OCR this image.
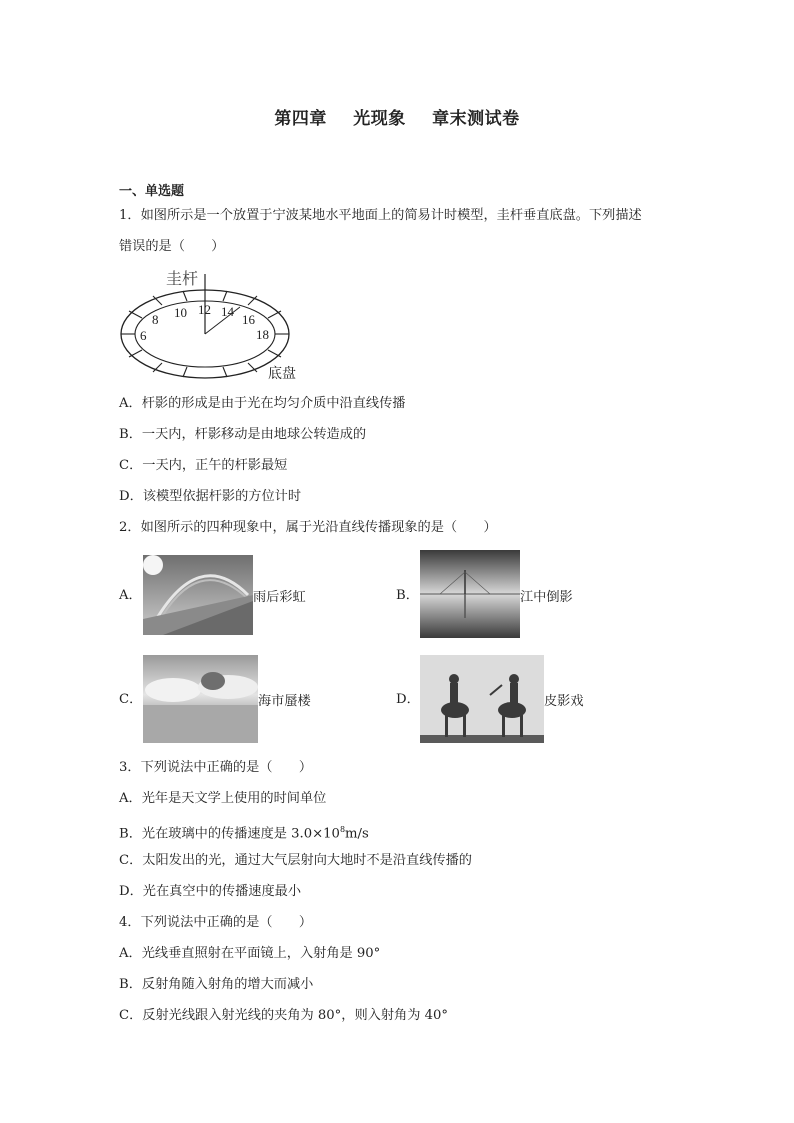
第四章 光现象 章末测试卷
一、单选题
1．如图所示是一个放置于宁波某地水平地面上的简易计时模型，圭杆垂直底盘。下列描述
错误的是（　　）
圭杆
6
8 10 12 14
16
18
底盘
A．杆影的形成是由于光在均匀介质中沿直线传播
B．一天内，杆影移动是由地球公转造成的
C．一天内，正午的杆影最短
D．该模型依据杆影的方位计时
2．如图所示的四种现象中，属于光沿直线传播现象的是（　　）
A．	雨后彩虹	B．	江中倒影
C．	海市蜃楼	D．	皮影戏
3．下列说法中正确的是（　　）
A．光年是天文学上使用的时间单位
B．光在玻璃中的传播速度是 $3.0\times 10^8m/s$
C．太阳发出的光，通过大气层射向大地时不是沿直线传播的
D．光在真空中的传播速度最小
4．下列说法中正确的是（　　）
A．光线垂直照射在平面镜上，入射角是 90°
B．反射角随入射角的增大而减小
C．反射光线跟入射光线的夹角为 80°，则入射角为 40°
